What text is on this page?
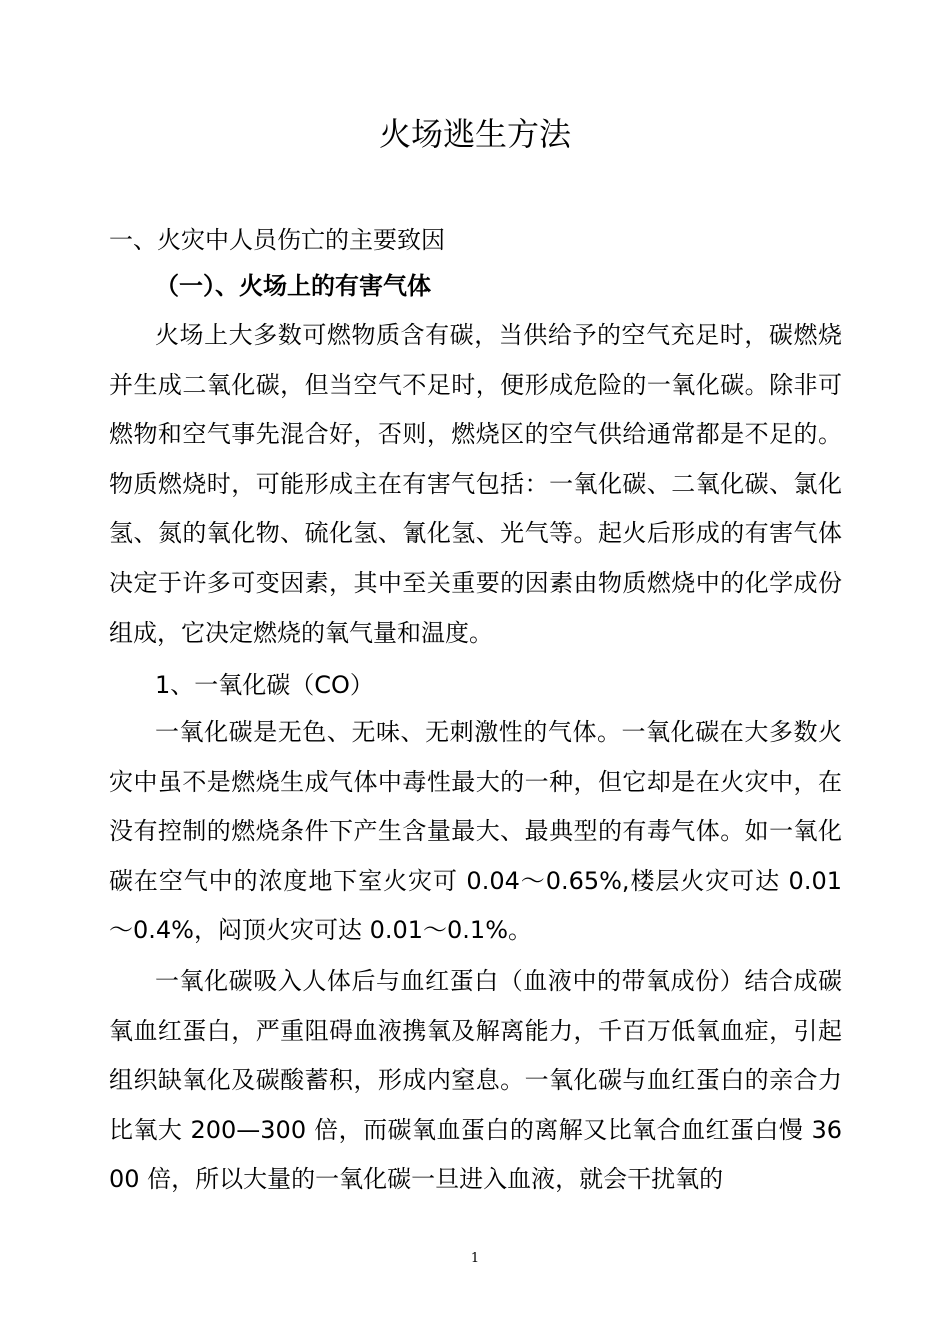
火场逃生方法

一、火灾中人员伤亡的主要致因

（一）、火场上的有害气体

火场上大多数可燃物质含有碳，当供给予的空气充足时，碳燃烧并生成二氧化碳，但当空气不足时，便形成危险的一氧化碳。除非可燃物和空气事先混合好，否则，燃烧区的空气供给通常都是不足的。物质燃烧时，可能形成主在有害气包括：一氧化碳、二氧化碳、氯化氢、氮的氧化物、硫化氢、氰化氢、光气等。起火后形成的有害气体决定于许多可变因素，其中至关重要的因素由物质燃烧中的化学成份组成，它决定燃烧的氧气量和温度。

1、一氧化碳（CO）

一氧化碳是无色、无味、无刺激性的气体。一氧化碳在大多数火灾中虽不是燃烧生成气体中毒性最大的一种，但它却是在火灾中，在没有控制的燃烧条件下产生含量最大、最典型的有毒气体。如一氧化碳在空气中的浓度地下室火灾可 0.04～0.65%,楼层火灾可达 0.01～0.4%，闷顶火灾可达 0.01～0.1%。

一氧化碳吸入人体后与血红蛋白（血液中的带氧成份）结合成碳氧血红蛋白，严重阻碍血液携氧及解离能力，千百万低氧血症，引起组织缺氧化及碳酸蓄积，形成内窒息。一氧化碳与血红蛋白的亲合力比氧大 200—300 倍，而碳氧血蛋白的离解又比氧合血红蛋白慢 3600 倍，所以大量的一氧化碳一旦进入血液，就会干扰氧的

1
